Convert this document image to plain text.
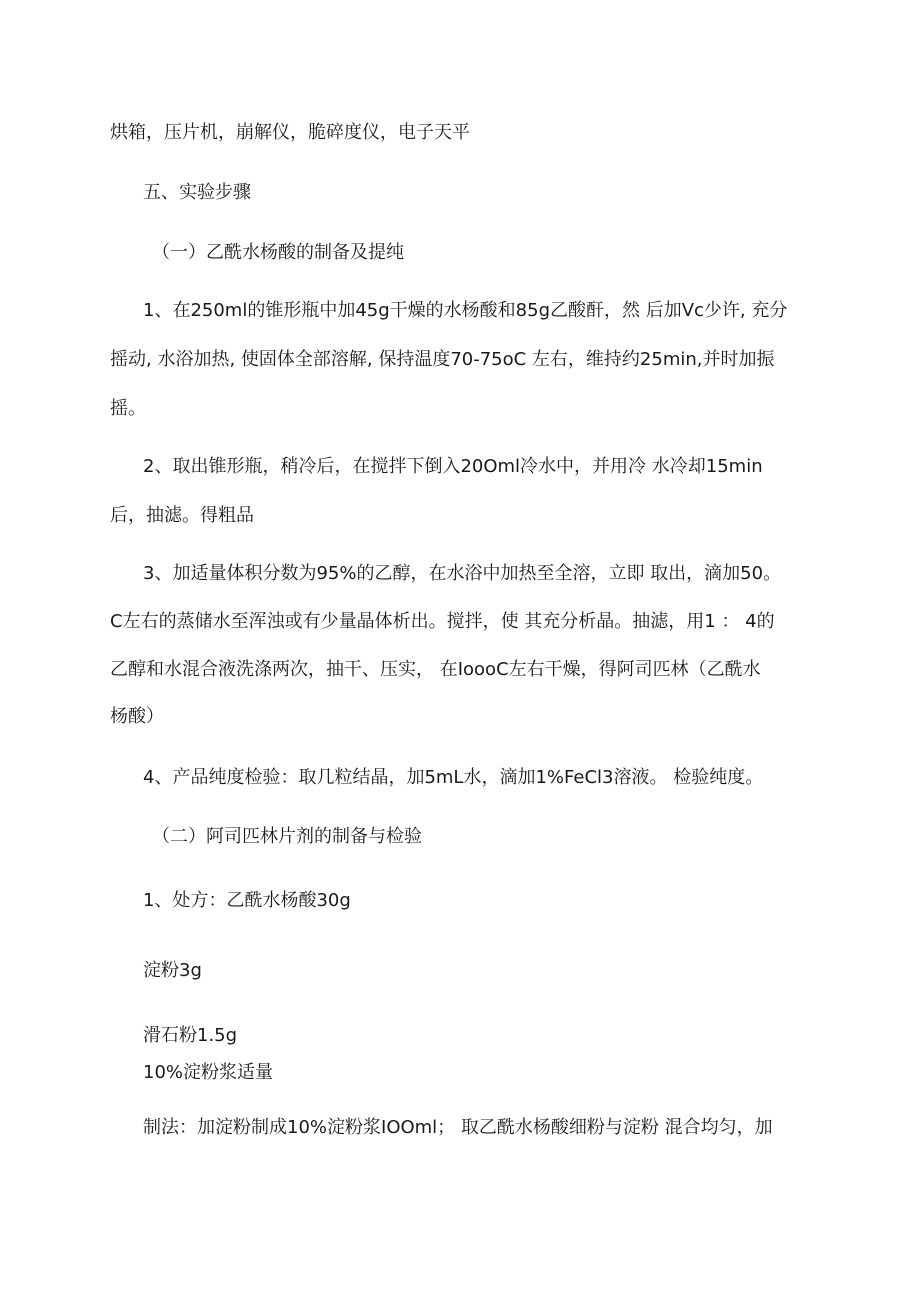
烘箱，压片机，崩解仪，脆碎度仪，电子天平
五、实验步骤
（一）乙酰水杨酸的制备及提纯
1、在250ml的锥形瓶中加45g干燥的水杨酸和85g乙酸酐，然 后加Vc少许, 充分
摇动, 水浴加热, 使固体全部溶解, 保持温度70-75oC 左右，维持约25min,并时加振
摇。
2、取出锥形瓶，稍冷后，在搅拌下倒入20Oml冷水中，并用冷 水冷却15min
后，抽滤。得粗品
3、加适量体积分数为95%的乙醇，在水浴中加热至全溶，立即 取出，滴加50。
C左右的蒸储水至浑浊或有少量晶体析出。搅拌，使 其充分析晶。抽滤，用1 ： 4的
乙醇和水混合液洗涤两次，抽干、压实， 在IoooC左右干燥，得阿司匹林（乙酰水
杨酸）
4、产品纯度检验：取几粒结晶，加5mL水，滴加1%FeCl3溶液。 检验纯度。
（二）阿司匹林片剂的制备与检验
1、处方：乙酰水杨酸30g
淀粉3g
滑石粉1.5g
10%淀粉浆适量
制法：加淀粉制成10%淀粉浆IOOml； 取乙酰水杨酸细粉与淀粉 混合均匀，加
